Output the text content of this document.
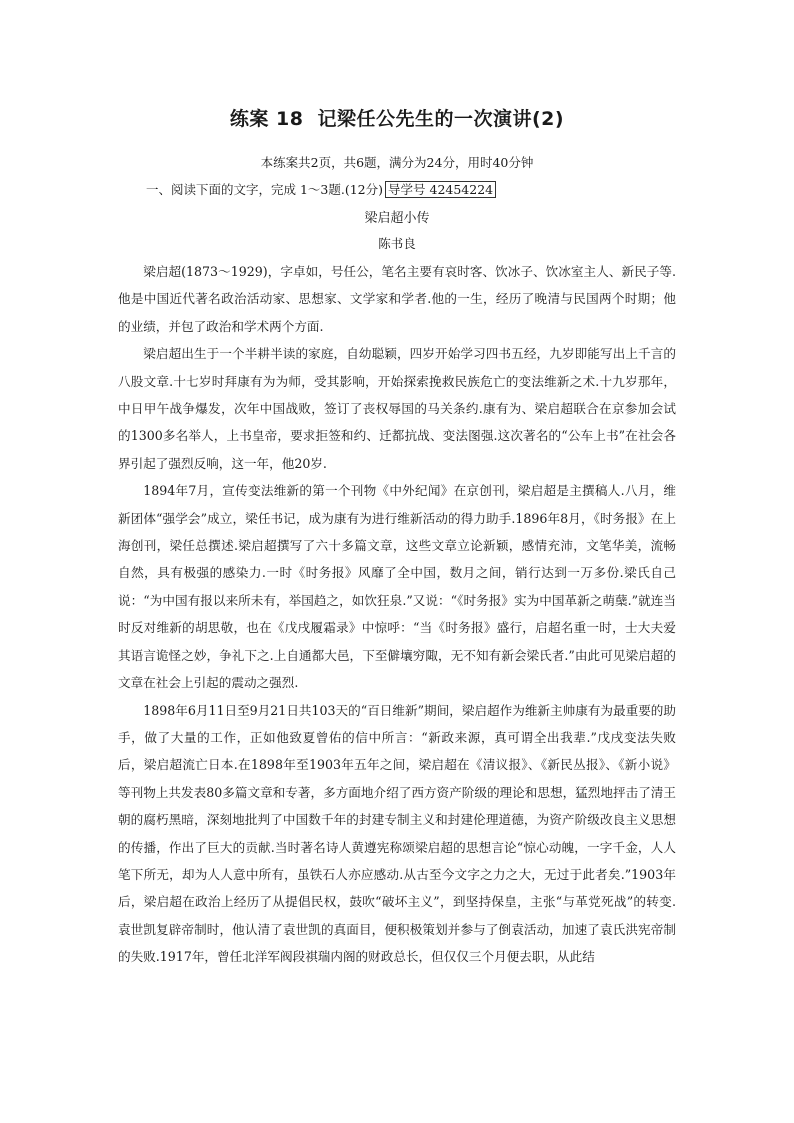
练案 18 记梁任公先生的一次演讲(2)
本练案共2页，共6题，满分为24分，用时40分钟
一、阅读下面的文字，完成 1～3题.(12分) 导学号 42454224
梁启超小传
陈书良

梁启超(1873～1929)，字卓如，号任公，笔名主要有哀时客、饮冰子、饮冰室主人、新民子等.他是中国近代著名政治活动家、思想家、文学家和学者.他的一生，经历了晚清与民国两个时期；他的业绩，并包了政治和学术两个方面.

梁启超出生于一个半耕半读的家庭，自幼聪颖，四岁开始学习四书五经，九岁即能写出上千言的八股文章.十七岁时拜康有为为师，受其影响，开始探索挽救民族危亡的变法维新之术.十九岁那年，中日甲午战争爆发，次年中国战败，签订了丧权辱国的马关条约.康有为、梁启超联合在京参加会试的1300多名举人，上书皇帝，要求拒签和约、迁都抗战、变法图强.这次著名的“公车上书”在社会各界引起了强烈反响，这一年，他20岁.

1894年7月，宣传变法维新的第一个刊物《中外纪闻》在京创刊，梁启超是主撰稿人.八月，维新团体“强学会”成立，梁任书记，成为康有为进行维新活动的得力助手.1896年8月，《时务报》在上海创刊，梁任总撰述.梁启超撰写了六十多篇文章，这些文章立论新颖，感情充沛，文笔华美，流畅自然，具有极强的感染力.一时《时务报》风靡了全中国，数月之间，销行达到一万多份.梁氏自己说：“为中国有报以来所未有，举国趋之，如饮狂泉.”又说：“《时务报》实为中国革新之萌蘖.”就连当时反对维新的胡思敬，也在《戊戌履霜录》中惊呼：“当《时务报》盛行，启超名重一时，士大夫爱其语言诡怪之妙，争礼下之.上自通都大邑，下至僻壤穷陬，无不知有新会梁氏者.”由此可见梁启超的文章在社会上引起的震动之强烈.

1898年6月11日至9月21日共103天的“百日维新”期间，梁启超作为维新主帅康有为最重要的助手，做了大量的工作，正如他致夏曾佑的信中所言：“新政来源，真可谓全出我辈.”戊戌变法失败后，梁启超流亡日本.在1898年至1903年五年之间，梁启超在《清议报》、《新民丛报》、《新小说》等刊物上共发表80多篇文章和专著，多方面地介绍了西方资产阶级的理论和思想，猛烈地抨击了清王朝的腐朽黑暗，深刻地批判了中国数千年的封建专制主义和封建伦理道德，为资产阶级改良主义思想的传播，作出了巨大的贡献.当时著名诗人黄遵宪称颂梁启超的思想言论“惊心动魄，一字千金，人人笔下所无，却为人人意中所有，虽铁石人亦应感动.从古至今文字之力之大，无过于此者矣.”1903年后，梁启超在政治上经历了从提倡民权，鼓吹“破坏主义”，到坚持保皇，主张“与革党死战”的转变.袁世凯复辟帝制时，他认清了袁世凯的真面目，便积极策划并参与了倒袁活动，加速了袁氏洪宪帝制的失败.1917年，曾任北洋军阀段祺瑞内阁的财政总长，但仅仅三个月便去职，从此结
